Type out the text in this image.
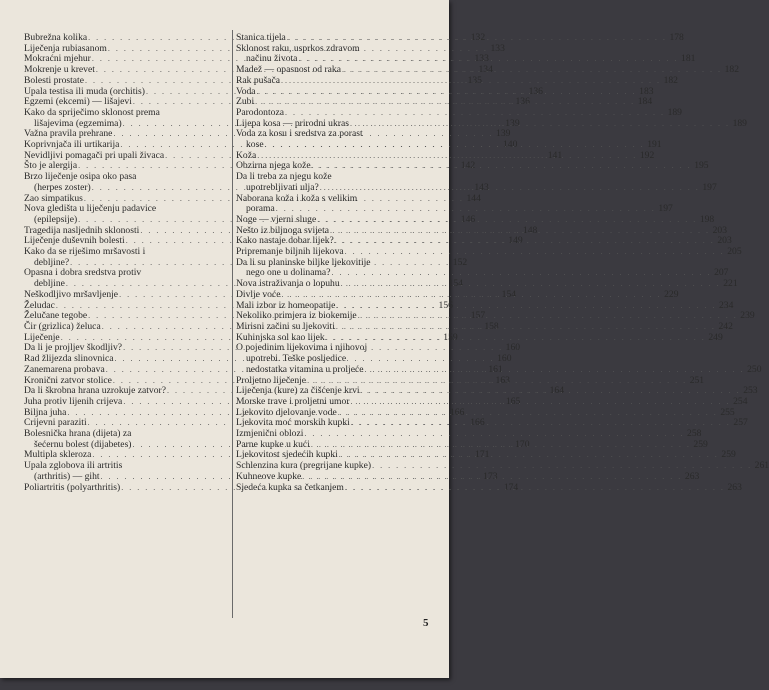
Bubrežna kolika . . .	132
Liječenja rubiasanom . . .	133
Mokraćni mjehur . . .	133
Mokrenje u krevet . . .	134
Bolesti prostate . . .	135
Upala testisa ili muda (orchitis) . . .	136
Egzemi (ekcemi) — lišajevi . . .	136
Kako da spriječimo sklonost prema
lišajevima (egzemima) . . .	139
Važna pravila prehrane . . .	139
Koprivnjača ili urtikarija . . .	140
Nevidljivi pomagači pri upali živaca . . .	141
Što je alergija . . .	142
Brzo liječenje osipa oko pasa
(herpes zoster) . . .	143
Zao simpatikus . . .	144
Nova gledišta u liječenju padavice
(epilepsije) . . .	146
Tragedija nasljednih sklonosti . . .	148
Liječenje duševnih bolesti . . .	149
Kako da se riješimo mršavosti i
debljine? . . .	152
Opasna i dobra sredstva protiv
debljine . . .	154
Neškodljivo mršavljenje . . .	154
Želudac . . .	156
Želučane tegobe . . .	157
Čir (grizlica) želuca . . .	158
Liječenje . . .	159
Da li je projljev škodljiv? . . .	160
Rad žlijezda slinovnica . . .	160
Zanemarena probava . . .	161
Kronični zatvor stolice . . .	163
Da li škrobna hrana uzrokuje zatvor? . . .	164
Juha protiv lijenih crijeva . . .	165
Biljna juha . . .	166
Crijevni paraziti . . .	166
Bolesnička hrana (dijeta) za
šećernu bolest (dijabetes) . . .	170
Multipla skleroza . . .	171
Upala zglobova ili artritis
(arthritis) — giht . . .	173
Poliartritis (polyarthritis) . . .	174
Stanica tijela . . .	178
Sklonost raku, usprkos zdravom
načinu života . . .	181
Madež — opasnost od raka . . .	182
Rak pušača . . .	182
Voda . . .	183
Zubi . . .	184
Parodontoza . . .	189
Lijepa kosa — prirodni ukras . . .	189
Voda za kosu i sredstva za porast
kose . . .	191
Koža . . .	192
Obzirna njega kože . . .	195
Da li treba za njegu kože
upotrebljivati ulja? . . .	197
Naborana koža i koža s velikim
porama . . .	197
Noge — vjerni sluge . . .	198
Nešto iz biljnoga svijeta . . .	203
Kako nastaje dobar lijek? . . .	203
Pripremanje biljnih lijekova . . .	205
Da li su planinske biljke ljekovitije
nego one u dolinama? . . .	207
Nova istraživanja o lopuhu . . .	221
Divlje voće . . .	229
Mali izbor iz homeopatije . . .	234
Nekoliko primjera iz biokemije . . .	239
Mirisni začini su ljekoviti . . .	242
Kuhinjska sol kao lijek . . .	249
O pojedinim lijekovima i njihovoj
upotrebi. Teške posljedice
nedostatka vitamina u proljeće . . .	250
Proljetno liječenje . . .	251
Liječenja (kure) za čišćenje krvi . . .	253
Morske trave i proljetni umor . . .	254
Ljekovito djelovanje vode . . .	255
Ljekovita moć morskih kupki . . .	257
Izmjenični oblozi . . .	258
Parne kupke u kući . . .	259
Ljekovitost sjedećih kupki . . .	259
Schlenzina kura (pregrijane kupke) . . .	261
Kuhneove kupke . . .	263
Sjedeća kupka sa četkanjem . . .	263
5
